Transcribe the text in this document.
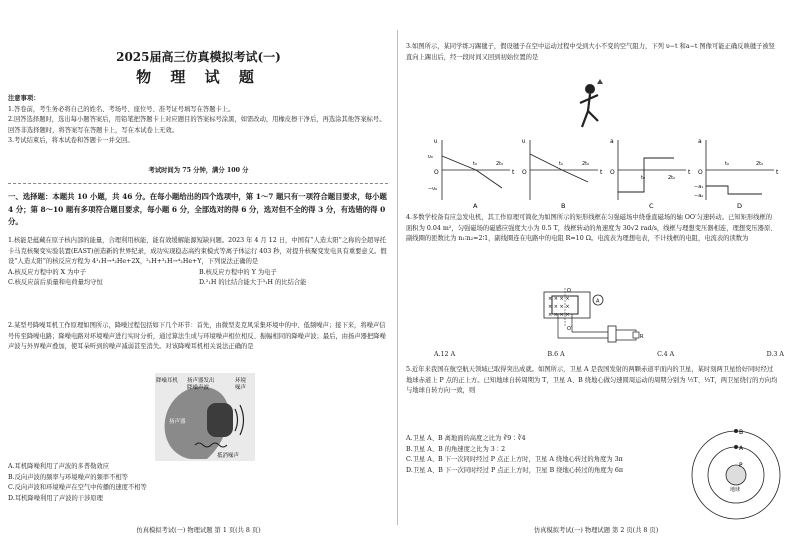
2025届高三仿真模拟考试(一)
物 理 试 题

注意事项：

1.答卷前，考生务必将自己的姓名、考场号、座位号、准考证号填写在答题卡上。

2.回答选择题时，选出每小题答案后，用铅笔把答题卡上对应题目的答案标号涂黑，如需改动，用橡皮擦干净后，再选涂其他答案标号。回答非选择题时，将答案写在答题卡上，写在本试卷上无效。

3.考试结束后，将本试卷和答题卡一并交回。

考试时间为 75 分钟，满分 100 分
一、选择题：本题共 10 小题，共 46 分。在每小题给出的四个选项中，第 1～7 题只有一项符合题目要求，每小题 4 分；第 8～10 题有多项符合题目要求，每小题 6 分，全部选对的得 6 分，选对但不全的得 3 分，有选错的得 0 分。

1.核能是蕴藏在原子核内部的能量，合理利用核能，能有效缓解能源短缺问题。2023 年 4 月 12 日，中国有“人造太阳”之称的全超导托卡马克核聚变实验装置(EAST)创造新的世界纪录，成功实现稳态高约束模式等离子体运行 403 秒，对提升核聚变发电具有重要意义。假设“人造太阳”的核反应方程为 4¹₁H→⁴₂He+2X，²₁H+³₁H→⁴₂He+Y，下列说法正确的是

A.核反应方程中的 X 为中子	B.核反应方程中的 Y 为电子
C.核反应前后质量和电荷量均守恒	D.²₁H 的比结合能大于³₁H 的比结合能

2.某型号降噪耳机工作原理如图所示，降噪过程包括如下几个环节：首先，由微型麦克风采集环境中的中、低频噪声；接下来，将噪声信号传至降噪电路；降噪电路对环境噪声进行实时分析，通过算法生成与环境噪声相位相反、振幅相同的降噪声波；最后，由扬声器把降噪声波与外界噪声叠加，使耳朵听到的噪声减弱甚至消失。对该降噪耳机相关说法正确的是

降噪耳机 扬声器发出	环境
降噪声波	噪声
扬声器
抵消噪声

A.耳机降噪利用了声波的多普勒效应

B.反向声波的频率与环境噪声的频率不相等

C.反向声波和环境噪声在空气中传播的速度不相等

D.耳机降噪利用了声波的干涉原理

仿真模拟考试(一) 物理试题 第 1 页(共 8 页)

3.如图所示，某同学练习踢毽子，假设毽子在空中运动过程中受到大小不变的空气阻力，下列 υ−t 和a−t 图像可能正确反映毽子被竖直向上踢出后，经一段时间又回到初始位置的是

υ
t
O
t₀	2t₀
υ₀
−υ₀
A
υ
t
O
t₀	2t₀
B
a
t
O
t₀	2t₀
C
a
t
O
t₀	2t₀
−a₁
−a₂
D

4.多数学校备有应急发电机，其工作原理可简化为如图所示的矩形线框在匀强磁场中绕垂直磁场的轴 OO′匀速转动。已知矩形线框的面积为 0.04 m²，匀强磁场的磁感应强度大小为 0.5 T，线框转动的角速度为 30√2 rad/s，线框与理想变压器相连，理想变压器原、副线圈的匝数比为 n₁∶n₂=2∶1，副线圈连在电路中的电阻 R=10 Ω。电流表为理想电表，不计线框的电阻，电流表的读数为

× × × ×
× × × ×
× × × ×
O
O′
A
R
A.12 A	B.6 A	C.4 A	D.3 A

5.近年来我国在航空航天领域已取得突出成就。如图所示，卫星 A 是我国发射的两颗赤道平面内的卫星，某时刻两卫星恰好同时经过地球赤道上 P 点的正上方。已知地球自转周期为 T，卫星 A、B 绕地心做匀速圆周运动的周期分别为 ½T、⅓T，两卫星绕行的方向均与地球自转方向一致，则

A.卫星 A、B 离地面的高度之比为 ∛9∶∛4

B.卫星 A、B 的角速度之比为 3∶2

C.卫星 A、B 下一次同时经过 P 点正上方时，卫星 A 绕地心转过的角度为 3π

D.卫星 A、B 下一次同时经过 P 点正上方时，卫星 B 绕地心转过的角度为 6π

P
A
B
地球
仿真模拟考试(一) 物理试题 第 2 页(共 8 页)
